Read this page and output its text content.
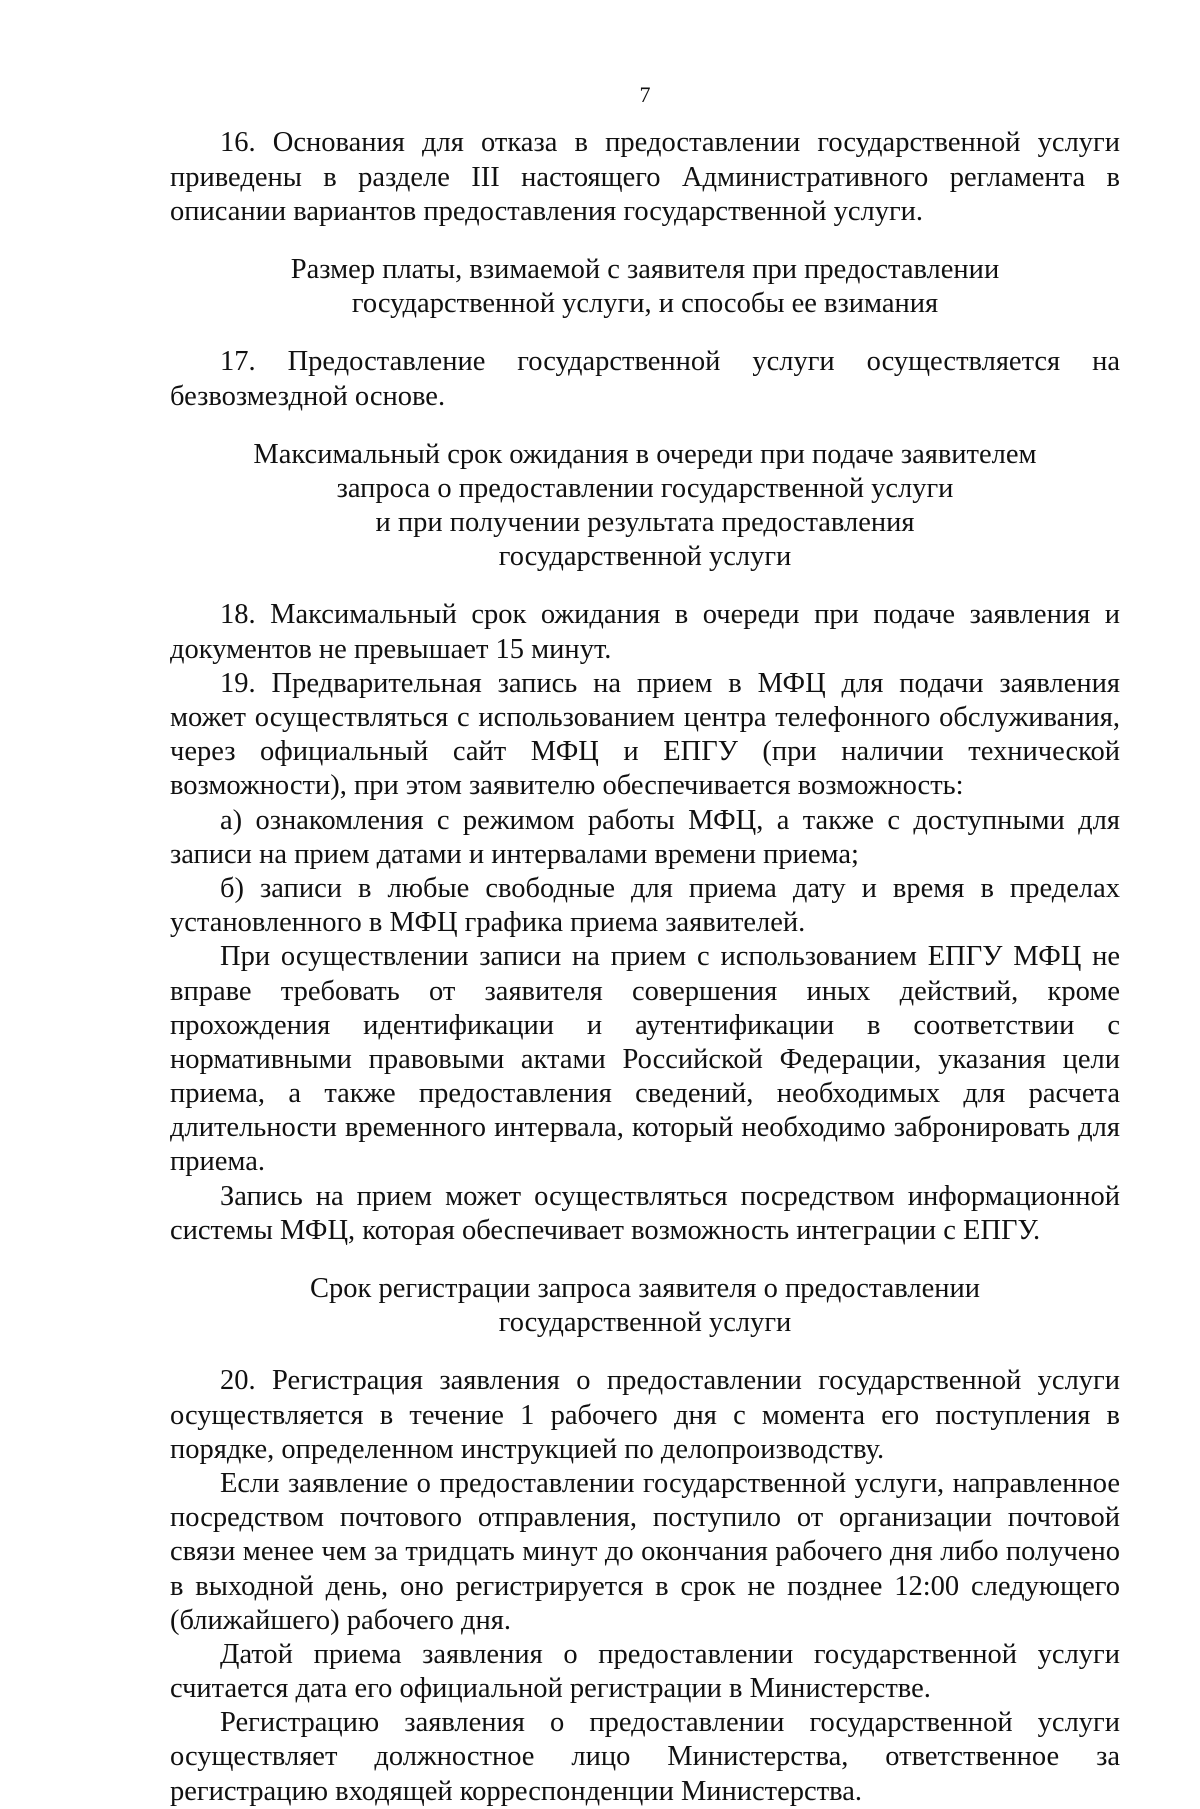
7

16. Основания для отказа в предоставлении государственной услуги приведены в разделе III настоящего Административного регламента в описании вариантов предоставления государственной услуги.

Размер платы, взимаемой с заявителя при предоставлении
государственной услуги, и способы ее взимания

17. Предоставление государственной услуги осуществляется на безвозмездной основе.

Максимальный срок ожидания в очереди при подаче заявителем
запроса о предоставлении государственной услуги
и при получении результата предоставления
государственной услуги

18. Максимальный срок ожидания в очереди при подаче заявления и документов не превышает 15 минут.

19. Предварительная запись на прием в МФЦ для подачи заявления может осуществляться с использованием центра телефонного обслуживания, через официальный сайт МФЦ и ЕПГУ (при наличии технической возможности), при этом заявителю обеспечивается возможность:

а) ознакомления с режимом работы МФЦ, а также с доступными для записи на прием датами и интервалами времени приема;

б) записи в любые свободные для приема дату и время в пределах установленного в МФЦ графика приема заявителей.

При осуществлении записи на прием с использованием ЕПГУ МФЦ не вправе требовать от заявителя совершения иных действий, кроме прохождения идентификации и аутентификации в соответствии с нормативными правовыми актами Российской Федерации, указания цели приема, а также предоставления сведений, необходимых для расчета длительности временного интервала, который необходимо забронировать для приема.

Запись на прием может осуществляться посредством информационной системы МФЦ, которая обеспечивает возможность интеграции с ЕПГУ.

Срок регистрации запроса заявителя о предоставлении
государственной услуги

20. Регистрация заявления о предоставлении государственной услуги осуществляется в течение 1 рабочего дня с момента его поступления в порядке, определенном инструкцией по делопроизводству.

Если заявление о предоставлении государственной услуги, направленное посредством почтового отправления, поступило от организации почтовой связи менее чем за тридцать минут до окончания рабочего дня либо получено в выходной день, оно регистрируется в срок не позднее 12:00 следующего (ближайшего) рабочего дня.

Датой приема заявления о предоставлении государственной услуги считается дата его официальной регистрации в Министерстве.

Регистрацию заявления о предоставлении государственной услуги осуществляет должностное лицо Министерства, ответственное за регистрацию входящей корреспонденции Министерства.
